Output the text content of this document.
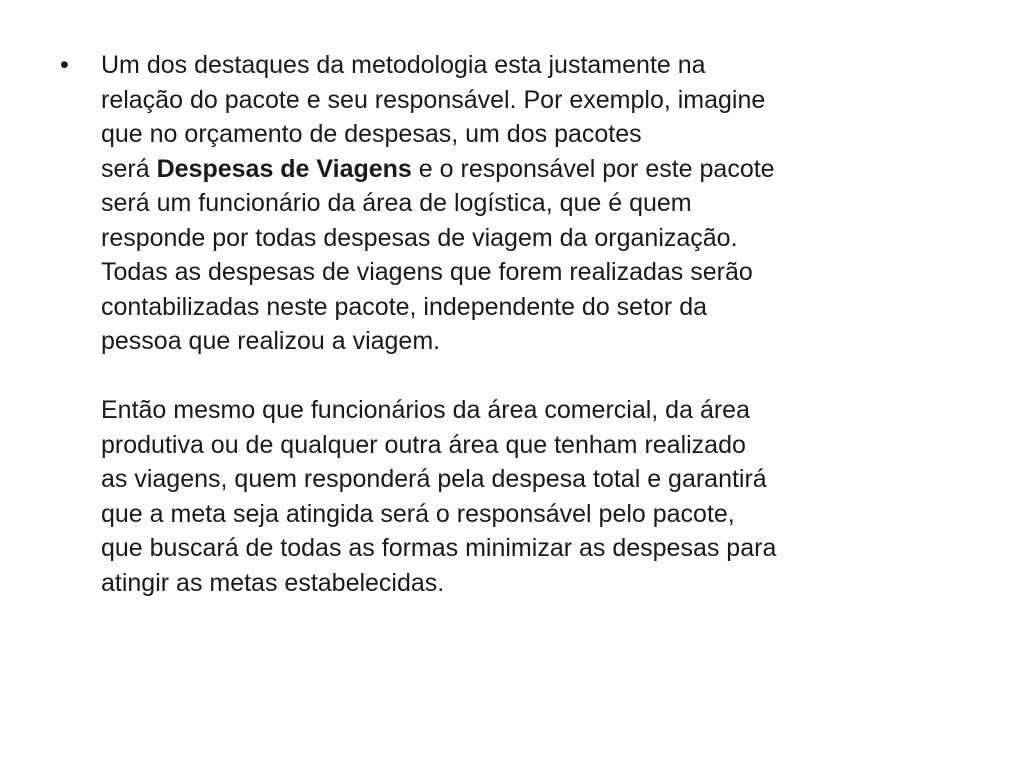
•	Um dos destaques da metodologia esta justamente na
relação do pacote e seu responsável. Por exemplo, imagine
que no orçamento de despesas, um dos pacotes
será Despesas de Viagens e o responsável por este pacote
será um funcionário da área de logística, que é quem
responde por todas despesas de viagem da organização.
Todas as despesas de viagens que forem realizadas serão
contabilizadas neste pacote, independente do setor da
pessoa que realizou a viagem.

Então mesmo que funcionários da área comercial, da área
produtiva ou de qualquer outra área que tenham realizado
as viagens, quem responderá pela despesa total e garantirá
que a meta seja atingida será o responsável pelo pacote,
que buscará de todas as formas minimizar as despesas para
atingir as metas estabelecidas.
